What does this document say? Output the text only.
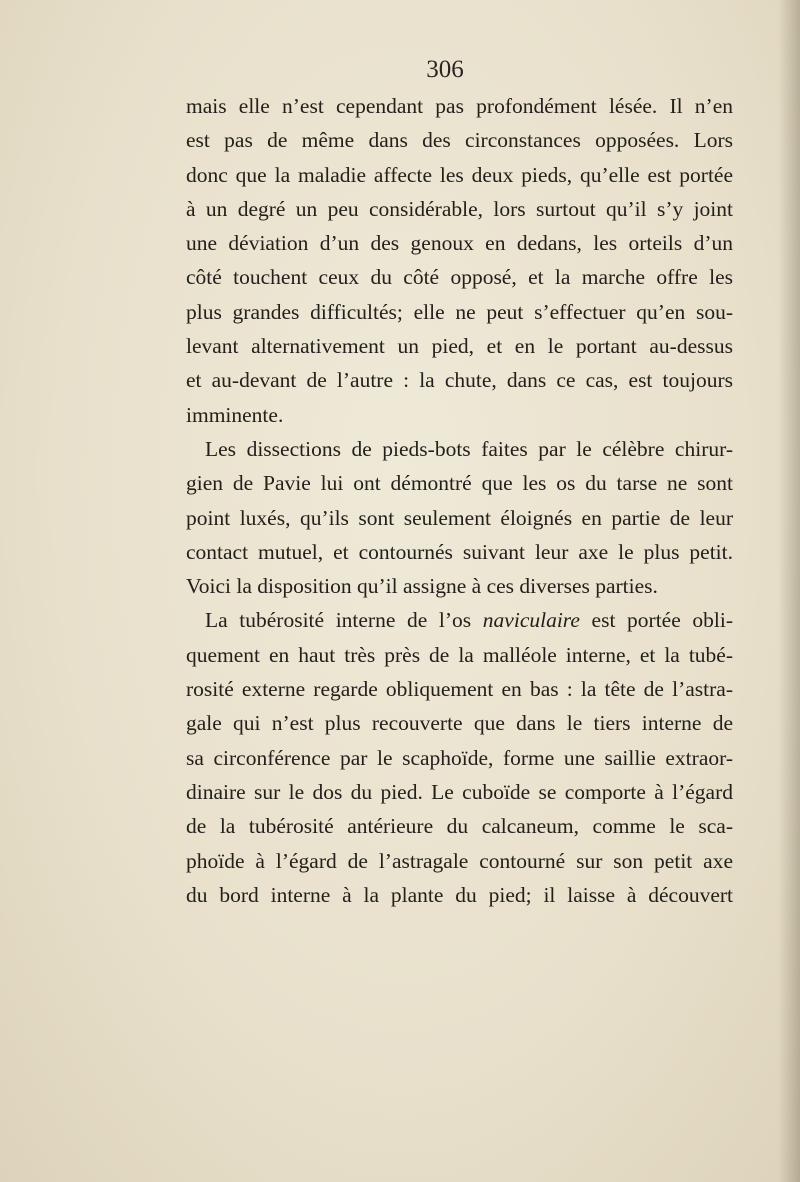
306
mais elle n’est cependant pas profondément lésée. Il n’en
est pas de même dans des circonstances opposées. Lors
donc que la maladie affecte les deux pieds, qu’elle est portée
à un degré un peu considérable, lors surtout qu’il s’y joint
une déviation d’un des genoux en dedans, les orteils d’un
côté touchent ceux du côté opposé, et la marche offre les
plus grandes difficultés; elle ne peut s’effectuer qu’en sou-
levant alternativement un pied, et en le portant au-dessus
et au-devant de l’autre : la chute, dans ce cas, est toujours
imminente.
Les dissections de pieds-bots faites par le célèbre chirur-
gien de Pavie lui ont démontré que les os du tarse ne sont
point luxés, qu’ils sont seulement éloignés en partie de leur
contact mutuel, et contournés suivant leur axe le plus petit.
Voici la disposition qu’il assigne à ces diverses parties.
La tubérosité interne de l’os naviculaire est portée obli-
quement en haut très près de la malléole interne, et la tubé-
rosité externe regarde obliquement en bas : la tête de l’astra-
gale qui n’est plus recouverte que dans le tiers interne de
sa circonférence par le scaphoïde, forme une saillie extraor-
dinaire sur le dos du pied. Le cuboïde se comporte à l’égard
de la tubérosité antérieure du calcaneum, comme le sca-
phoïde à l’égard de l’astragale contourné sur son petit axe
du bord interne à la plante du pied; il laisse à découvert
